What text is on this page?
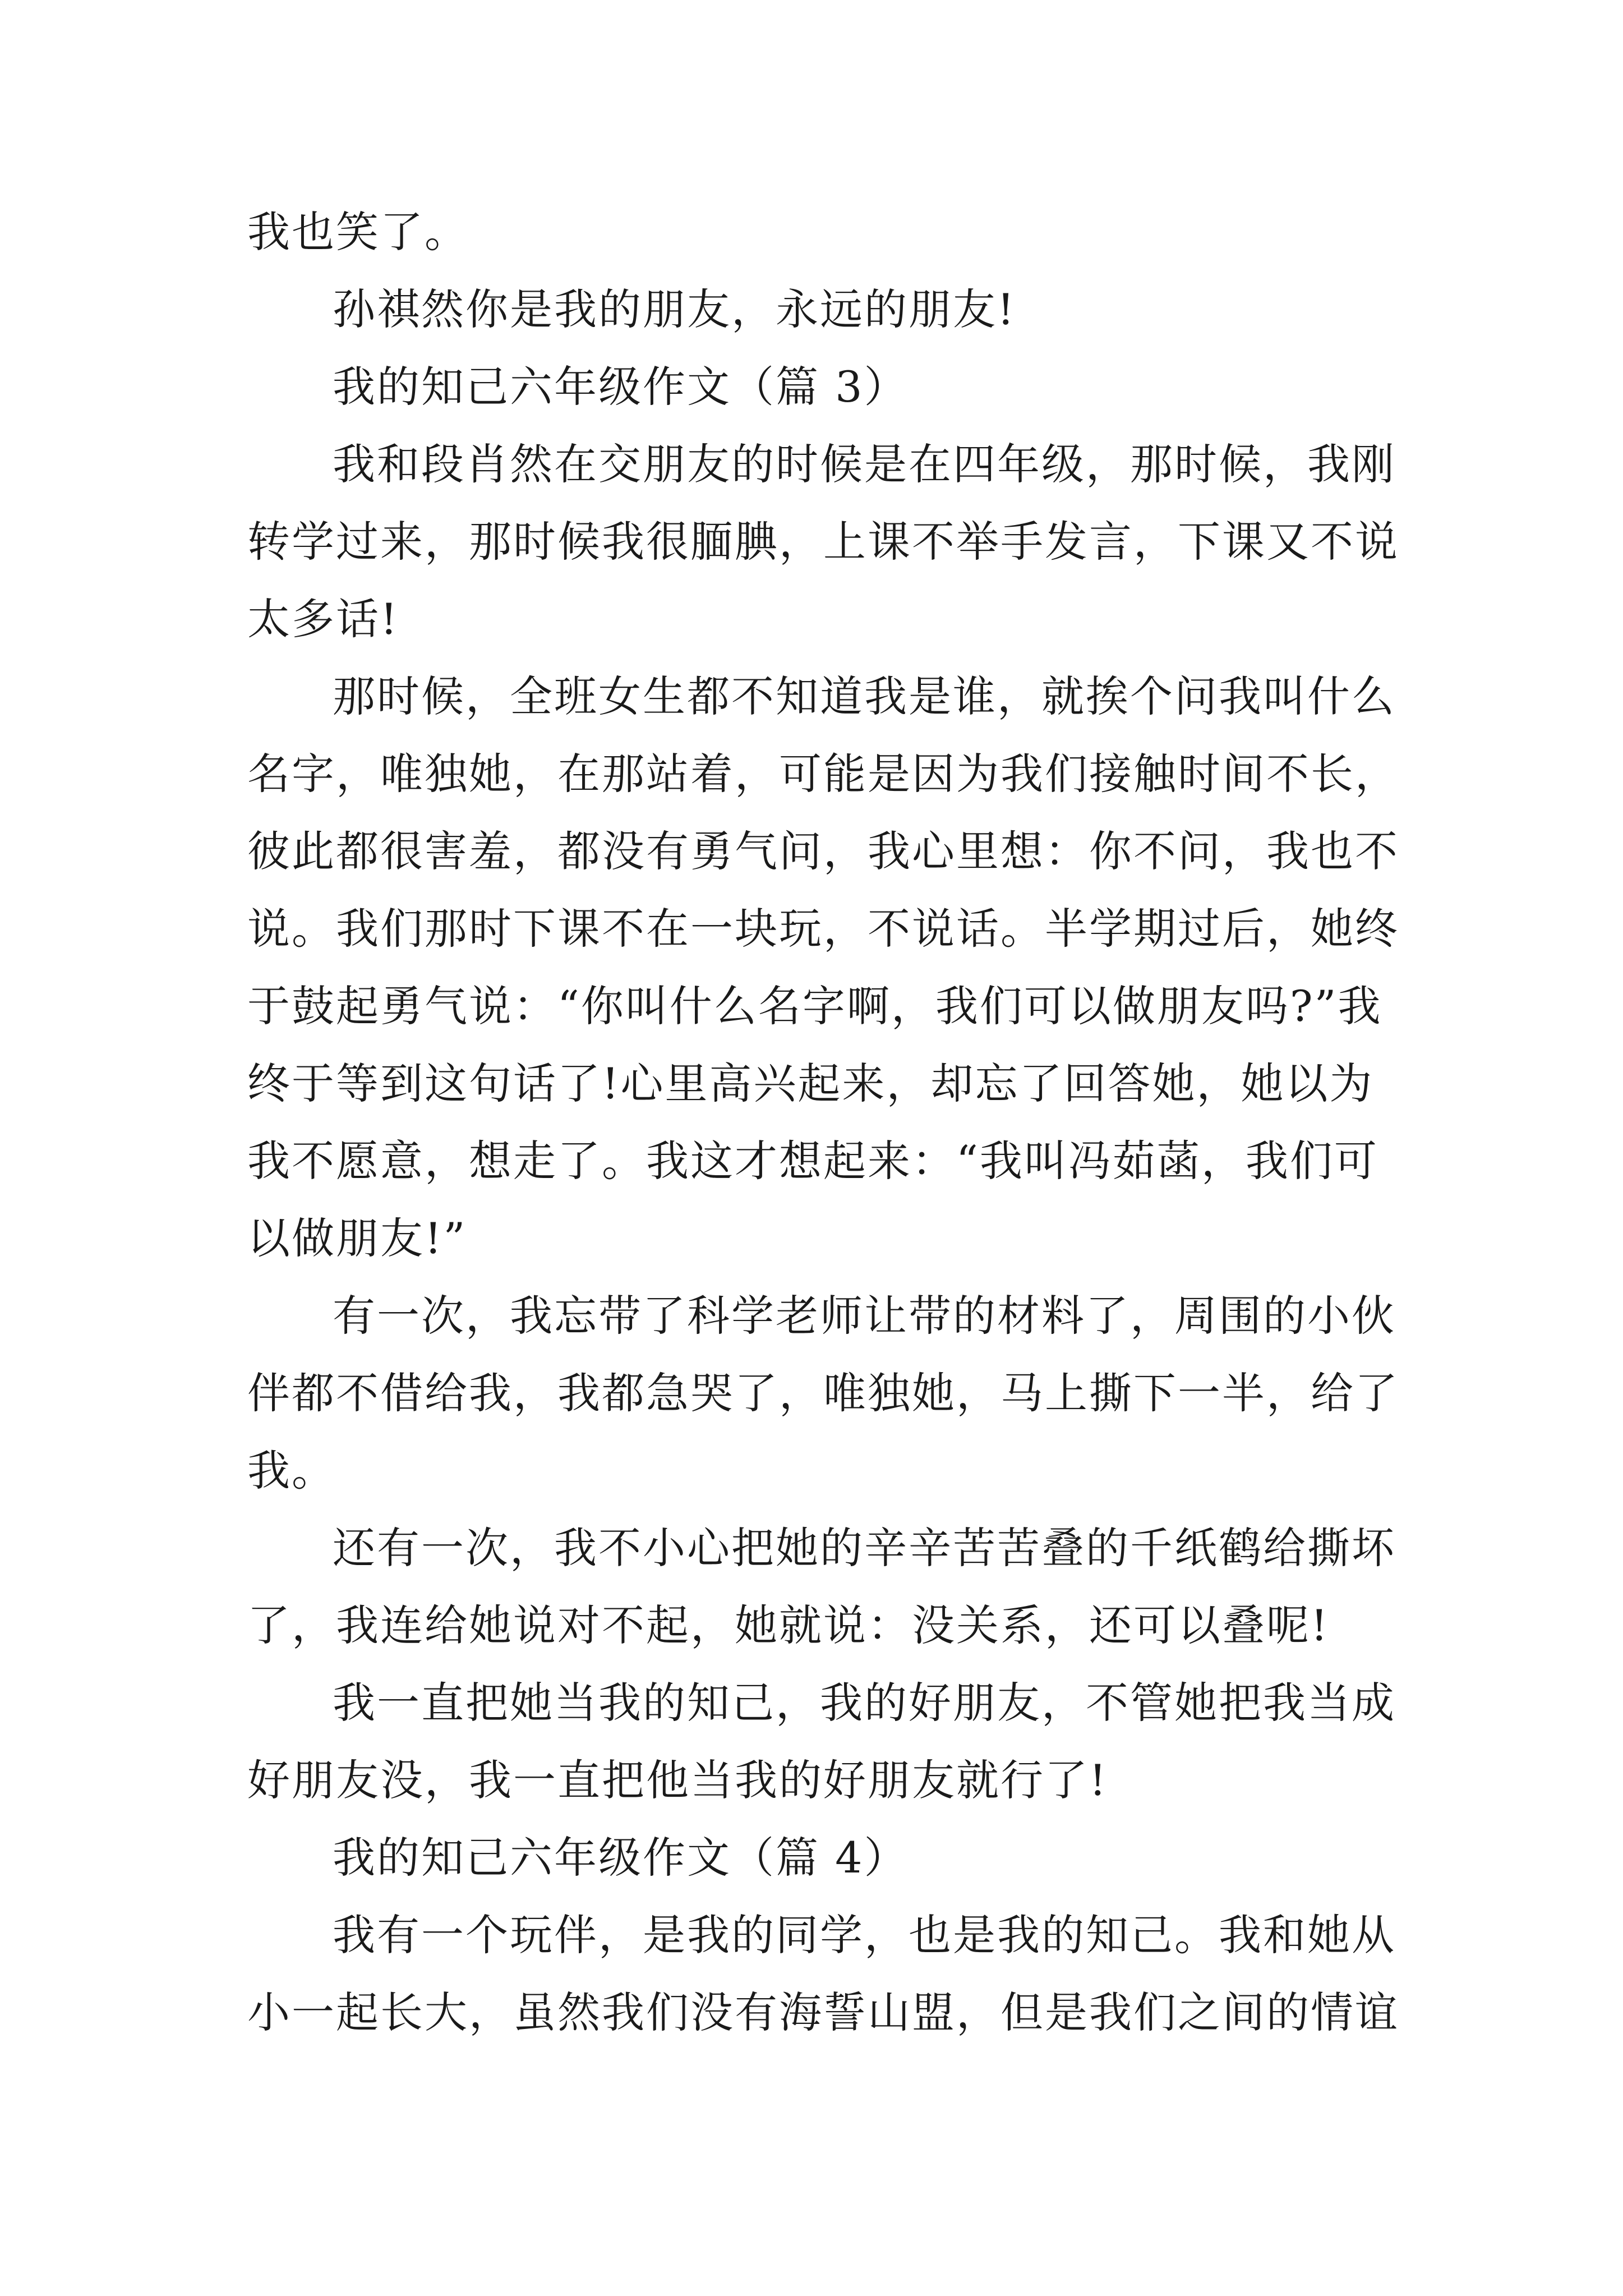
我也笑了。
孙祺然你是我的朋友，永远的朋友!
我的知己六年级作文（篇 3）
我和段肖然在交朋友的时候是在四年级，那时候，我刚
转学过来，那时候我很腼腆，上课不举手发言，下课又不说
太多话!
那时候，全班女生都不知道我是谁，就挨个问我叫什么
名字，唯独她，在那站着，可能是因为我们接触时间不长，
彼此都很害羞，都没有勇气问，我心里想：你不问，我也不
说。我们那时下课不在一块玩，不说话。半学期过后，她终
于鼓起勇气说：“你叫什么名字啊，我们可以做朋友吗?”我
终于等到这句话了!心里高兴起来，却忘了回答她，她以为
我不愿意，想走了。我这才想起来：“我叫冯茹菡，我们可
以做朋友!”
有一次，我忘带了科学老师让带的材料了，周围的小伙
伴都不借给我，我都急哭了，唯独她，马上撕下一半，给了
我。
还有一次，我不小心把她的辛辛苦苦叠的千纸鹤给撕坏
了，我连给她说对不起，她就说：没关系，还可以叠呢!
我一直把她当我的知己，我的好朋友，不管她把我当成
好朋友没，我一直把他当我的好朋友就行了!
我的知己六年级作文（篇 4）
我有一个玩伴，是我的同学，也是我的知己。我和她从
小一起长大，虽然我们没有海誓山盟，但是我们之间的情谊
